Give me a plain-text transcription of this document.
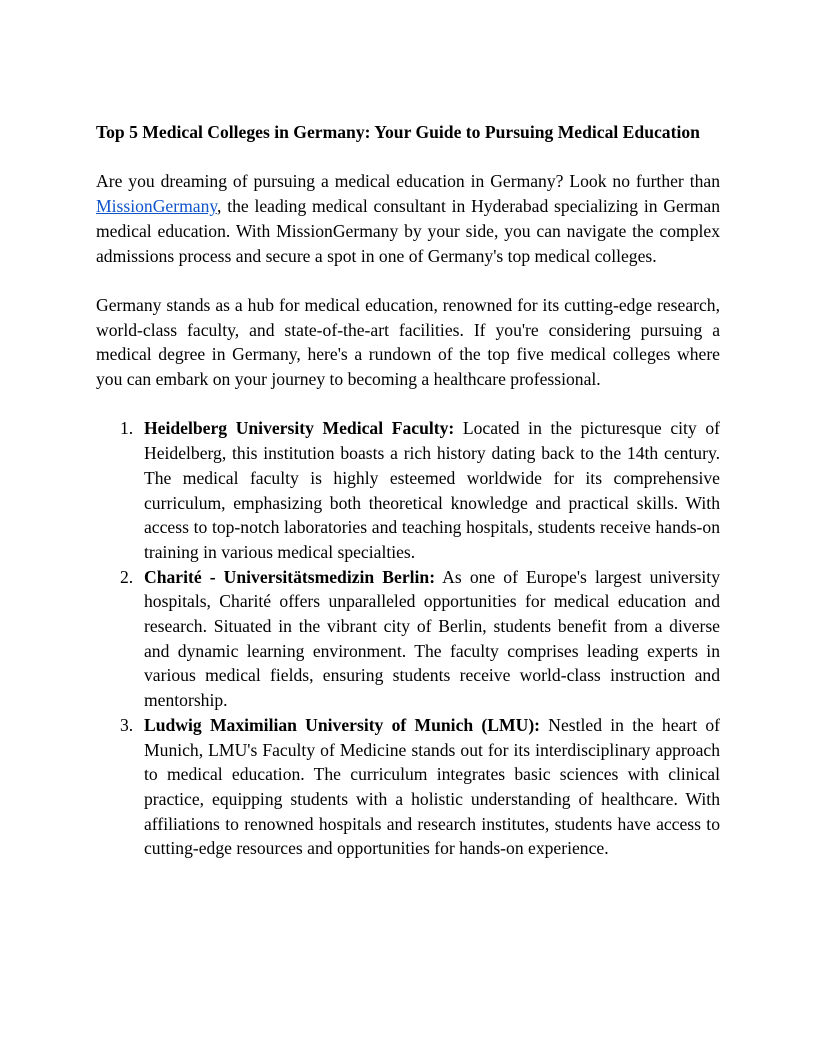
Top 5 Medical Colleges in Germany: Your Guide to Pursuing Medical Education

Are you dreaming of pursuing a medical education in Germany? Look no further than MissionGermany, the leading medical consultant in Hyderabad specializing in German medical education. With MissionGermany by your side, you can navigate the complex admissions process and secure a spot in one of Germany's top medical colleges.

Germany stands as a hub for medical education, renowned for its cutting-edge research, world-class faculty, and state-of-the-art facilities. If you're considering pursuing a medical degree in Germany, here's a rundown of the top five medical colleges where you can embark on your journey to becoming a healthcare professional.

1. Heidelberg University Medical Faculty: Located in the picturesque city of Heidelberg, this institution boasts a rich history dating back to the 14th century. The medical faculty is highly esteemed worldwide for its comprehensive curriculum, emphasizing both theoretical knowledge and practical skills. With access to top-notch laboratories and teaching hospitals, students receive hands-on training in various medical specialties.
2. Charité - Universitätsmedizin Berlin: As one of Europe's largest university hospitals, Charité offers unparalleled opportunities for medical education and research. Situated in the vibrant city of Berlin, students benefit from a diverse and dynamic learning environment. The faculty comprises leading experts in various medical fields, ensuring students receive world-class instruction and mentorship.
3. Ludwig Maximilian University of Munich (LMU): Nestled in the heart of Munich, LMU's Faculty of Medicine stands out for its interdisciplinary approach to medical education. The curriculum integrates basic sciences with clinical practice, equipping students with a holistic understanding of healthcare. With affiliations to renowned hospitals and research institutes, students have access to cutting-edge resources and opportunities for hands-on experience.
